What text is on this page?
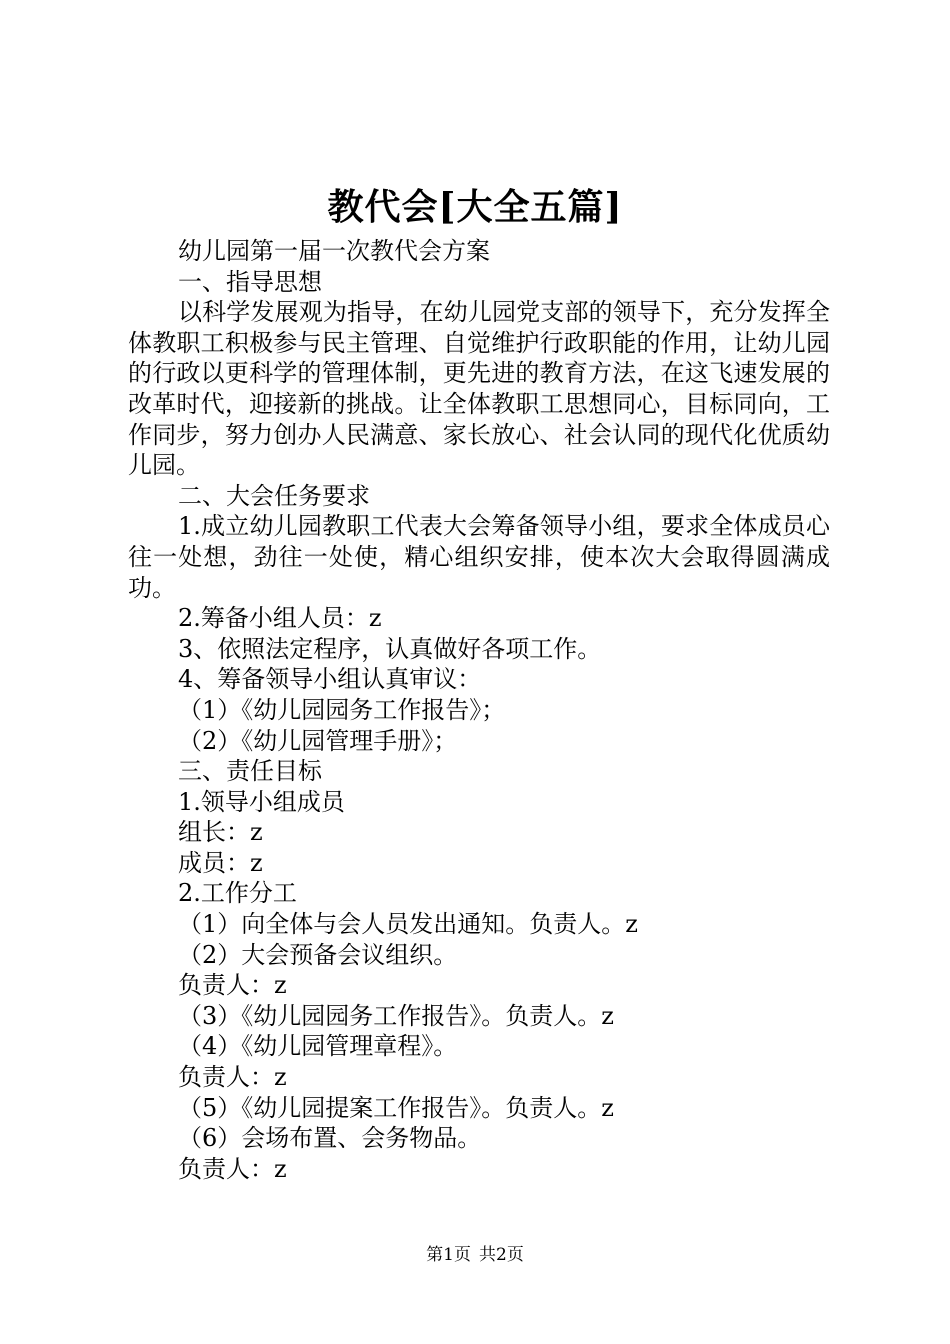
教代会[大全五篇]

幼儿园第一届一次教代会方案

一、指导思想

以科学发展观为指导，在幼儿园党支部的领导下，充分发挥全体教职工积极参与民主管理、自觉维护行政职能的作用，让幼儿园的行政以更科学的管理体制，更先进的教育方法，在这飞速发展的改革时代，迎接新的挑战。让全体教职工思想同心，目标同向，工作同步，努力创办人民满意、家长放心、社会认同的现代化优质幼儿园。

二、大会任务要求

1.成立幼儿园教职工代表大会筹备领导小组，要求全体成员心往一处想，劲往一处使，精心组织安排，使本次大会取得圆满成功。

2.筹备小组人员：z

3、依照法定程序，认真做好各项工作。

4、筹备领导小组认真审议：

（1）《幼儿园园务工作报告》；

（2）《幼儿园管理手册》；

三、责任目标

1.领导小组成员

组长：z

成员：z

2.工作分工

（1）向全体与会人员发出通知。负责人。z

（2）大会预备会议组织。

负责人：z

（3）《幼儿园园务工作报告》。负责人。z

（4）《幼儿园管理章程》。

负责人：z

（5）《幼儿园提案工作报告》。负责人。z

（6）会场布置、会务物品。

负责人：z

第1页 共2页
